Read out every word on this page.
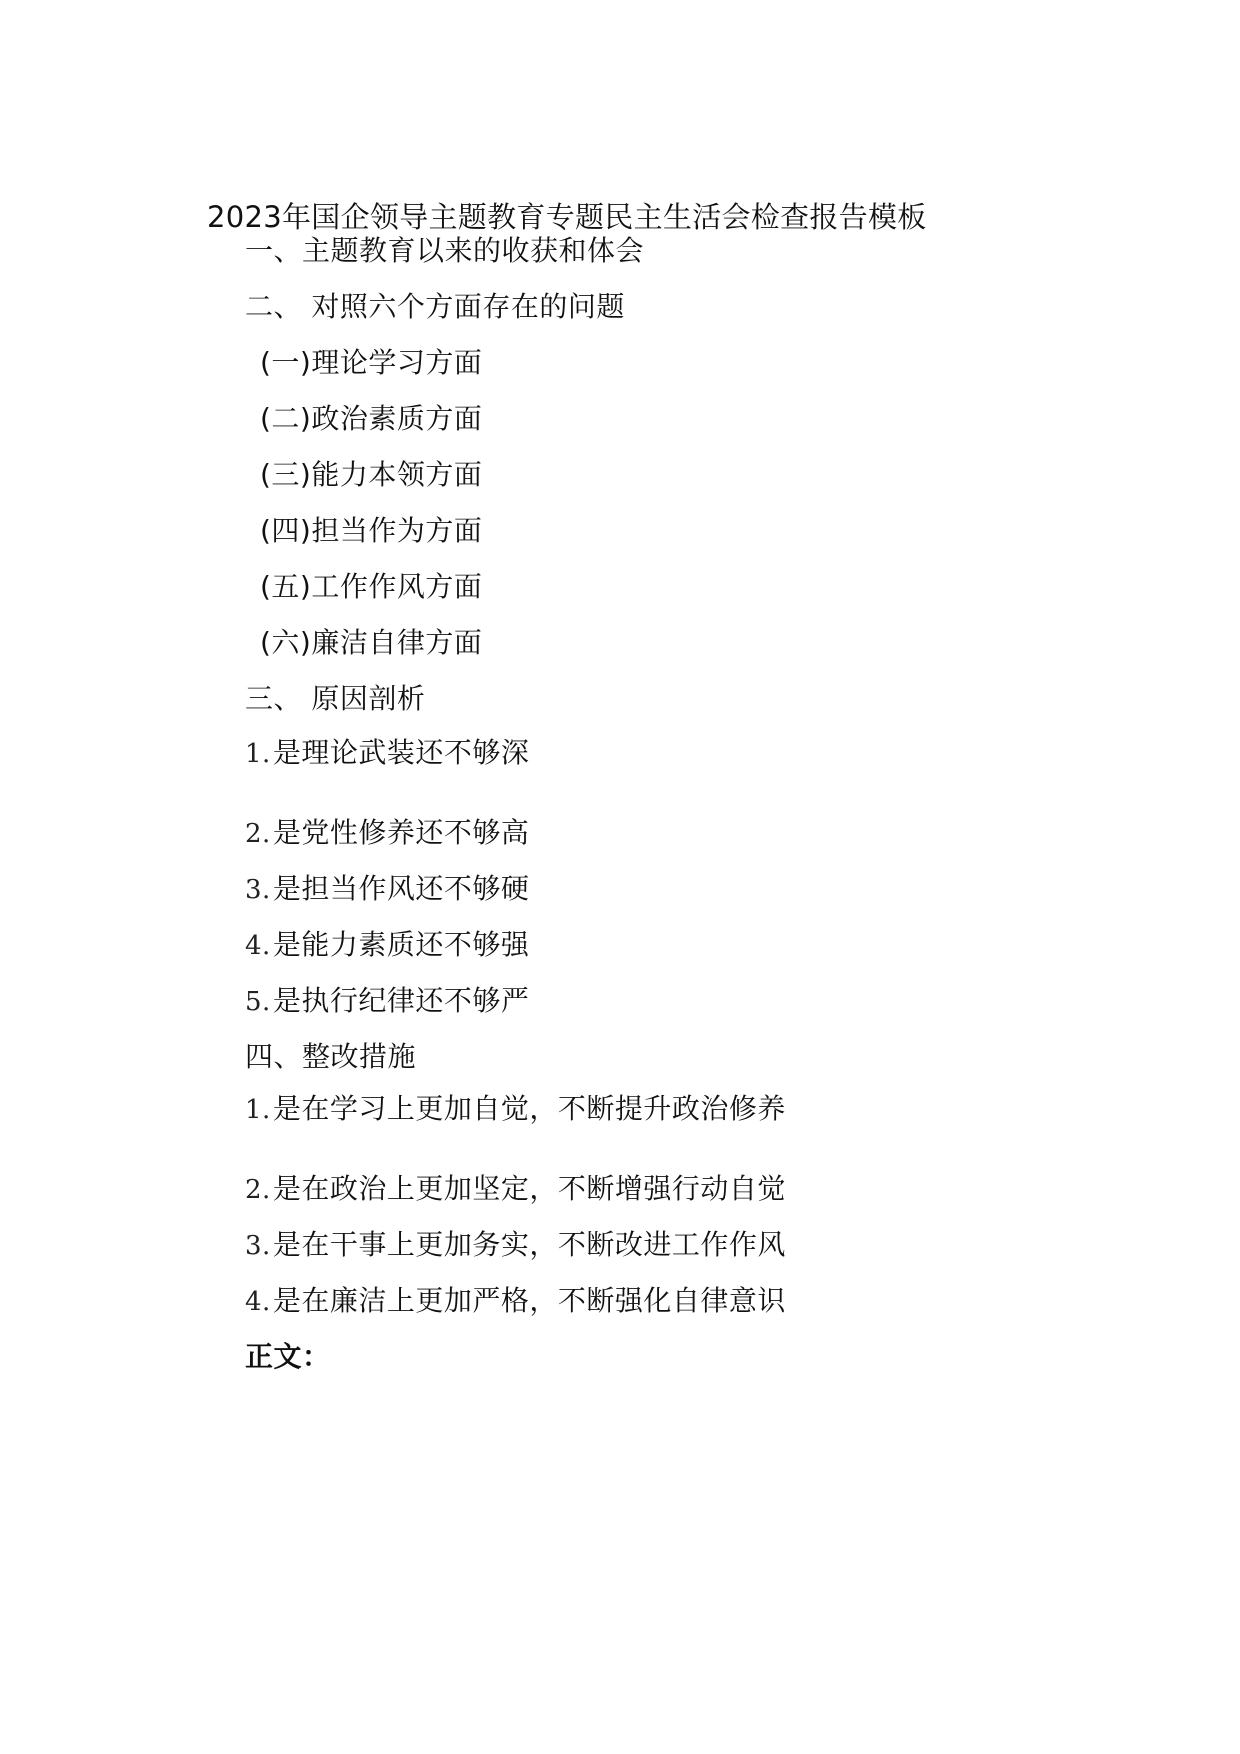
2023年国企领导主题教育专题民主生活会检查报告模板
一、主题教育以来的收获和体会
二、 对照六个方面存在的问题
(一)理论学习方面
(二)政治素质方面
(三)能力本领方面
(四)担当作为方面
(五)工作作风方面
(六)廉洁自律方面
三、 原因剖析
1.是理论武装还不够深
2.是党性修养还不够高
3.是担当作风还不够硬
4.是能力素质还不够强
5.是执行纪律还不够严
四、整改措施
1.是在学习上更加自觉，不断提升政治修养
2.是在政治上更加坚定，不断增强行动自觉
3.是在干事上更加务实，不断改进工作作风
4.是在廉洁上更加严格，不断强化自律意识
正文：
